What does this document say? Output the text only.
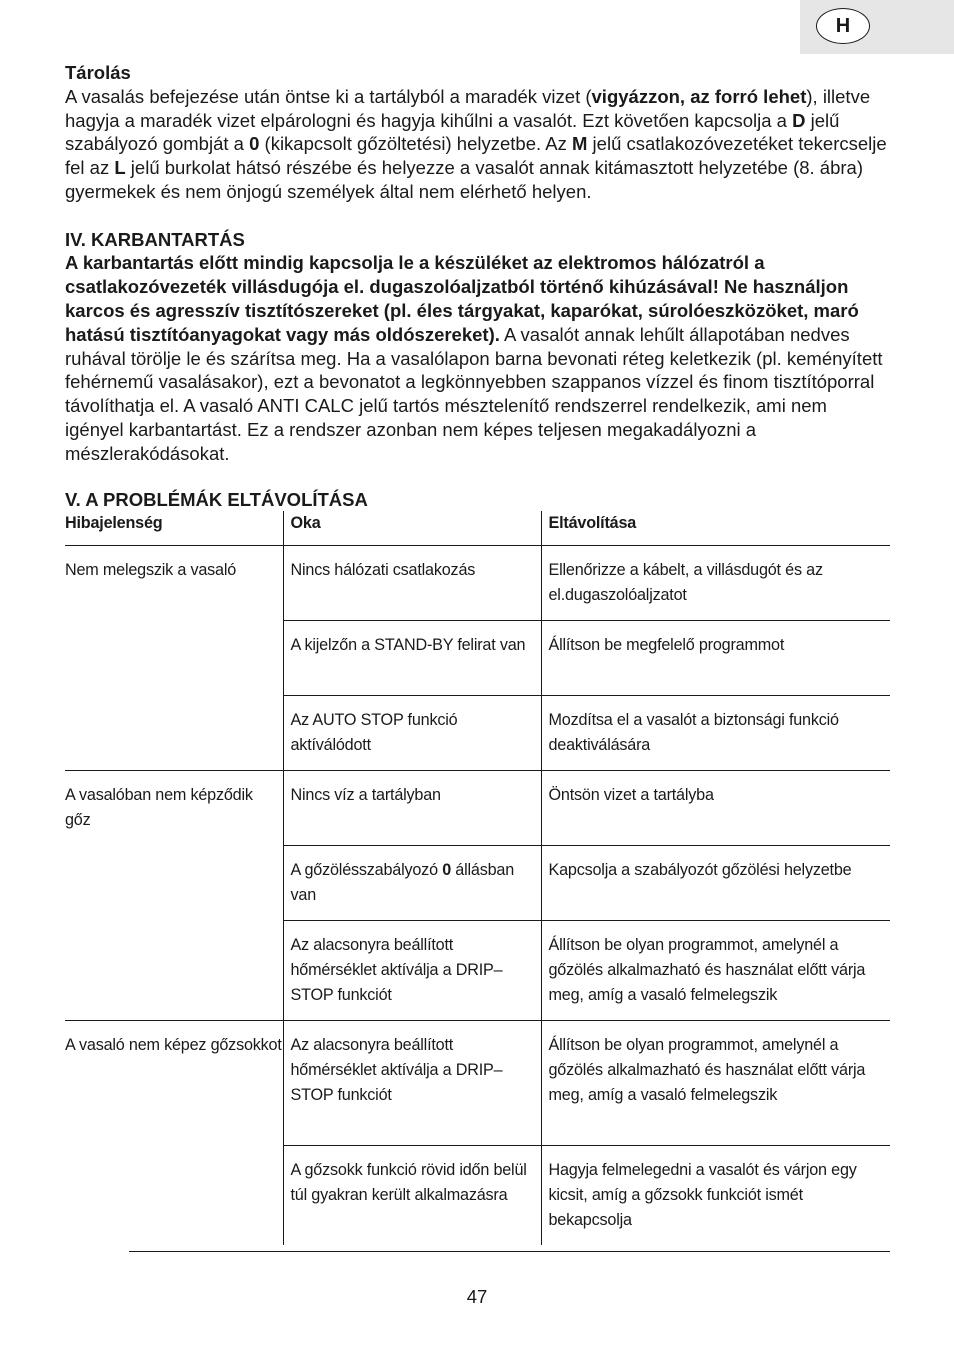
H
Tárolás

A vasalás befejezése után öntse ki a tartályból a maradék vizet (vigyázzon, az forró lehet), illetve hagyja a maradék vizet elpárologni és hagyja kihűlni a vasalót. Ezt követően kapcsolja a D jelű szabályozó gombját a 0 (kikapcsolt gőzöltetési) helyzetbe. Az M jelű csatlakozóvezetéket tekercselje fel az L jelű burkolat hátsó részébe és helyezze a vasalót annak kitámasztott helyzetébe (8. ábra) gyermekek és nem önjogú személyek által nem elérhető helyen.

IV. KARBANTARTÁS

A karbantartás előtt mindig kapcsolja le a készüléket az elektromos hálózatról a csatlakozóvezeték villásdugója el. dugaszolóaljzatból történő kihúzásával! Ne használjon karcos és agresszív tisztítószereket (pl. éles tárgyakat, kaparókat, súrolóeszközöket, maró hatású tisztítóanyagokat vagy más oldószereket). A vasalót annak lehűlt állapotában nedves ruhával törölje le és szárítsa meg. Ha a vasalólapon barna bevonati réteg keletkezik (pl. keményített fehérnemű vasalásakor), ezt a bevonatot a legkönnyebben szappanos vízzel és finom tisztítóporral távolíthatja el. A vasaló ANTI CALC jelű tartós mésztelenítő rendszerrel rendelkezik, ami nem igényel karbantartást. Ez a rendszer azonban nem képes teljesen megakadályozni a mészlerakódásokat.

V. A PROBLÉMÁK ELTÁVOLÍTÁSA
Hibajelenség	Oka	Eltávolítása
Nem melegszik a vasaló	Nincs hálózati csatlakozás	Ellenőrizze a kábelt, a villásdugót és az el.dugaszolóaljzatot
	A kijelzőn a STAND-BY felirat van	Állítson be megfelelő programmot
	Az AUTO STOP funkció aktíválódott	Mozdítsa el a vasalót a biztonsági funkció deaktiválására
A vasalóban nem képződik gőz	Nincs víz a tartályban	Öntsön vizet a tartályba
	A gőzölésszabályozó 0 állásban van	Kapcsolja a szabályozót gőzölési helyzetbe
	Az alacsonyra beállított hőmérséklet aktíválja a DRIP–STOP funkciót	Állítson be olyan programmot, amelynél a gőzölés alkalmazható és használat előtt várja meg, amíg a vasaló felmelegszik
A vasaló nem képez gőzsokkot	Az alacsonyra beállított hőmérséklet aktíválja a DRIP–STOP funkciót	Állítson be olyan programmot, amelynél a gőzölés alkalmazható és használat előtt várja meg, amíg a vasaló felmelegszik
	A gőzsokk funkció rövid időn belül túl gyakran került alkalmazásra	Hagyja felmelegedni a vasalót és várjon egy kicsit, amíg a gőzsokk funkciót ismét bekapcsolja
47
